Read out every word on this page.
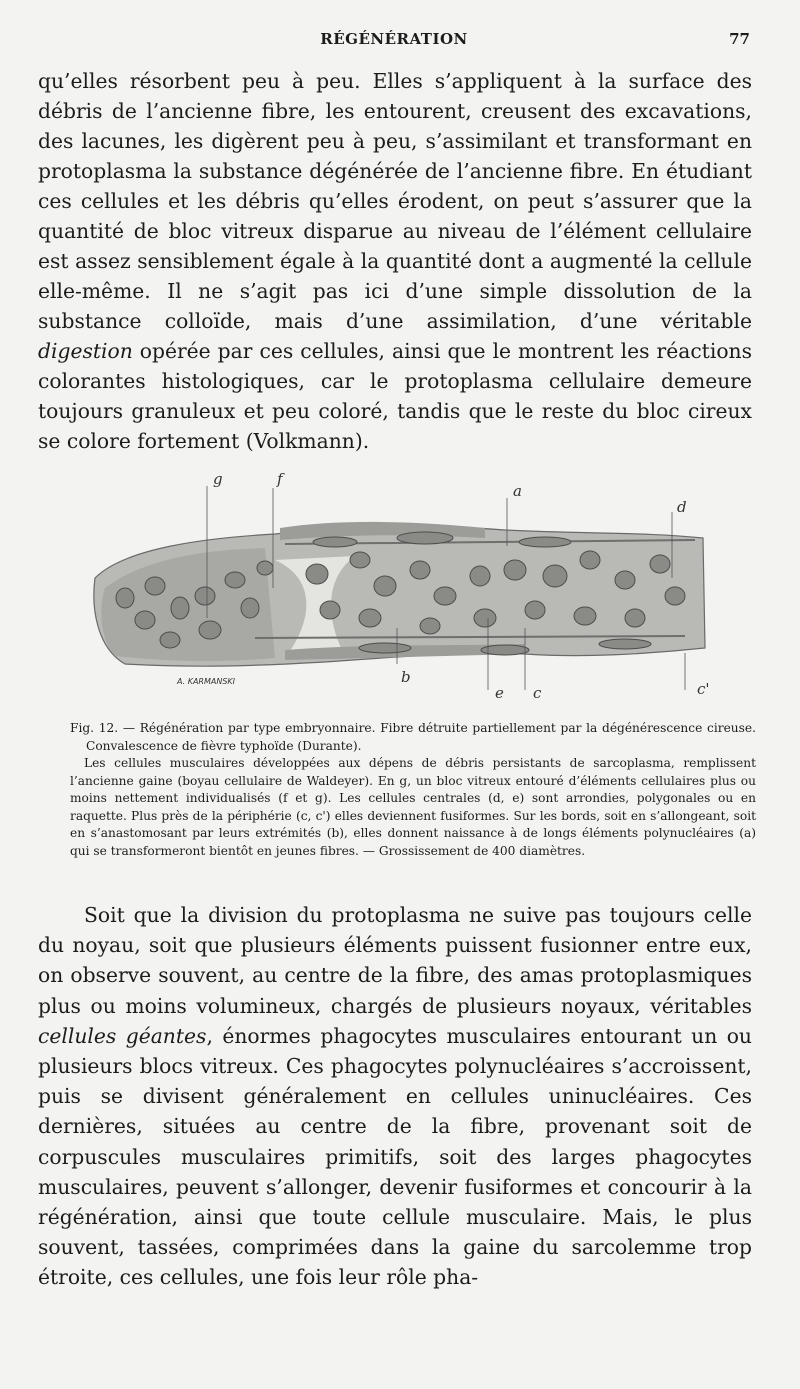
RÉGÉNÉRATION	77

qu’elles résorbent peu à peu. Elles s’appliquent à la surface des débris de l’ancienne fibre, les entourent, creusent des excavations, des lacunes, les digèrent peu à peu, s’assimilant et transformant en protoplasma la substance dégénérée de l’ancienne fibre. En étudiant ces cellules et les débris qu’elles érodent, on peut s’assurer que la quantité de bloc vitreux disparue au niveau de l’élément cellulaire est assez sensiblement égale à la quantité dont a augmenté la cellule elle-même. Il ne s’agit pas ici d’une simple dissolution de la substance colloïde, mais d’une assimilation, d’une véritable digestion opérée par ces cellules, ainsi que le montrent les réactions colorantes histologiques, car le protoplasma cellulaire demeure toujours granuleux et peu coloré, tandis que le reste du bloc cireux se colore fortement (Volkmann).

g	f
a
d
b
e c	c'
A. KARMANSKI

Fig. 12. — Régénération par type embryonnaire. Fibre détruite partiellement par la dégénérescence cireuse. Convalescence de fièvre typhoïde (Durante).

Les cellules musculaires développées aux dépens de débris persistants de sarcoplasma, remplissent l’ancienne gaine (boyau cellulaire de Waldeyer). En g, un bloc vitreux entouré d’éléments cellulaires plus ou moins nettement individualisés (f et g). Les cellules centrales (d, e) sont arrondies, polygonales ou en raquette. Plus près de la périphérie (c, c') elles deviennent fusiformes. Sur les bords, soit en s’allongeant, soit en s’anastomosant par leurs extrémités (b), elles donnent naissance à de longs éléments polynucléaires (a) qui se transformeront bientôt en jeunes fibres. — Grossissement de 400 diamètres.

Soit que la division du protoplasma ne suive pas toujours celle du noyau, soit que plusieurs éléments puissent fusionner entre eux, on observe souvent, au centre de la fibre, des amas protoplasmiques plus ou moins volumineux, chargés de plusieurs noyaux, véritables cellules géantes, énormes phagocytes musculaires entourant un ou plusieurs blocs vitreux. Ces phagocytes polynucléaires s’accroissent, puis se divisent généralement en cellules uninucléaires. Ces dernières, situées au centre de la fibre, provenant soit de corpuscules musculaires primitifs, soit des larges phagocytes musculaires, peuvent s’allonger, devenir fusiformes et concourir à la régénération, ainsi que toute cellule musculaire. Mais, le plus souvent, tassées, comprimées dans la gaine du sarcolemme trop étroite, ces cellules, une fois leur rôle pha-
